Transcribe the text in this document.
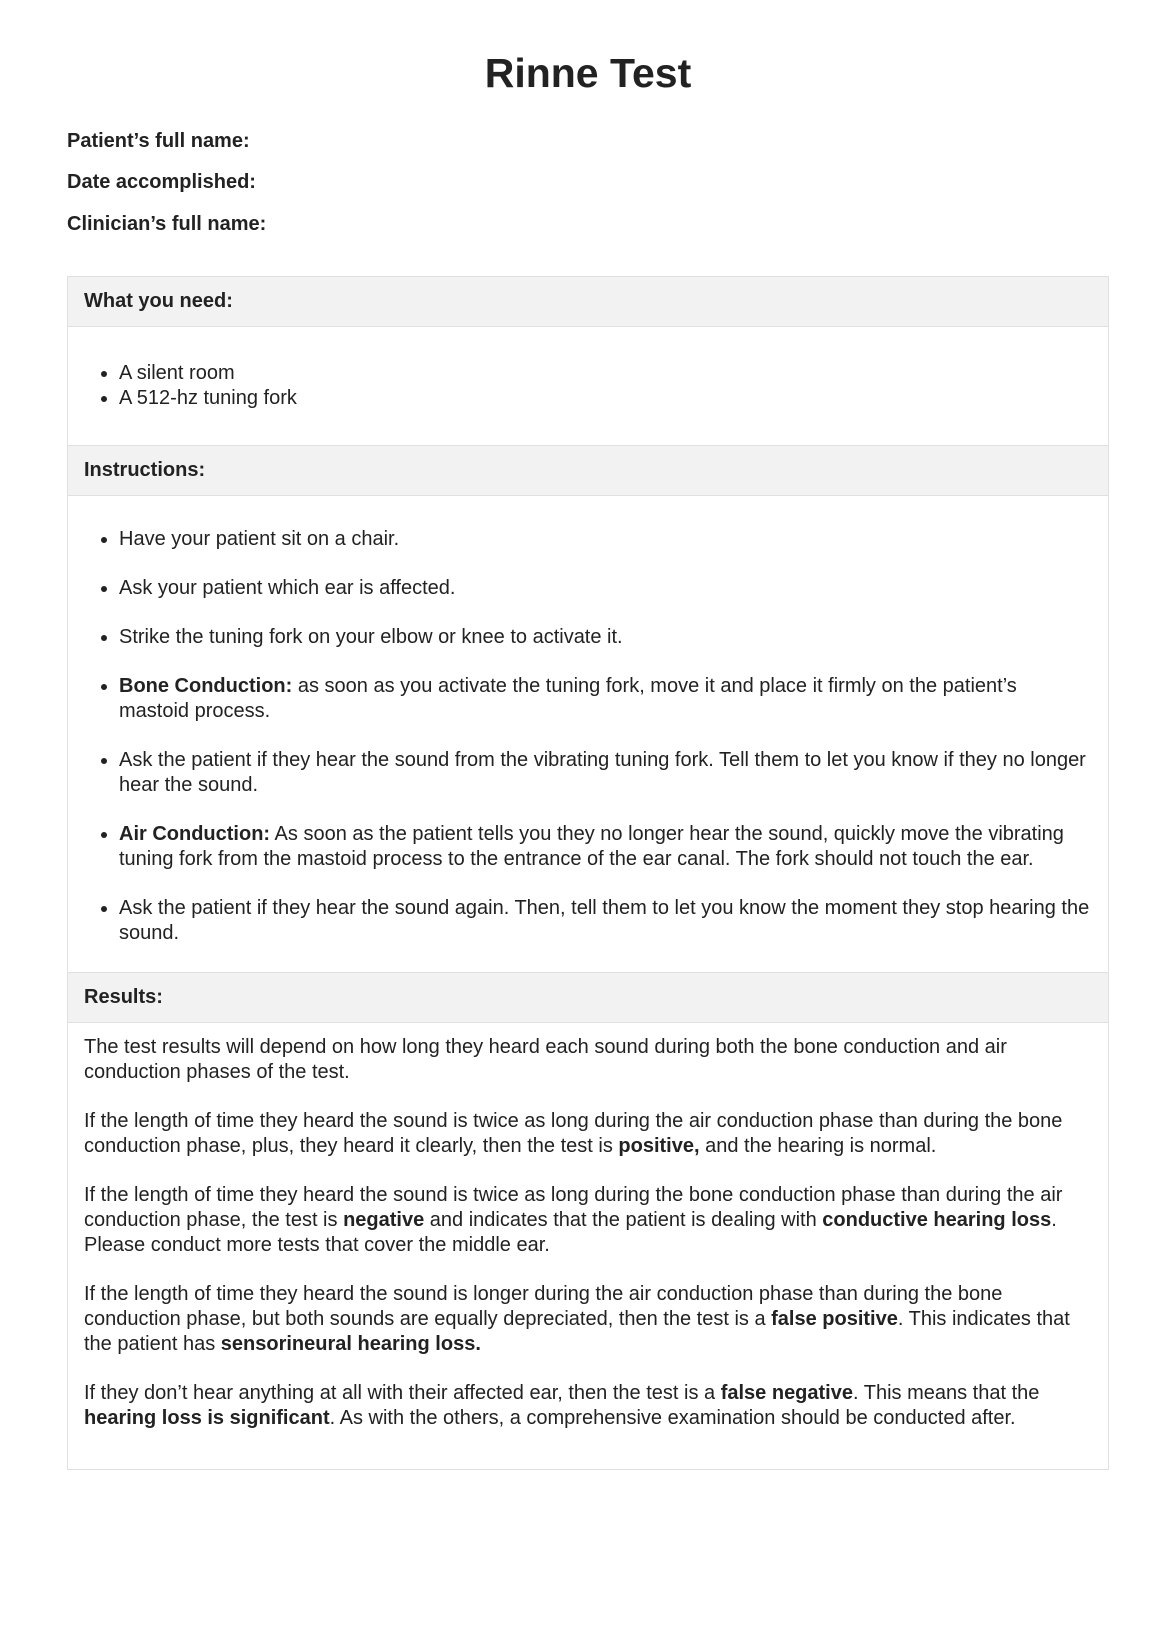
Rinne Test
Patient’s full name:
Date accomplished:
Clinician’s full name:
What you need:
• A silent room
• A 512-hz tuning fork
Instructions:
• Have your patient sit on a chair.
• Ask your patient which ear is affected.
• Strike the tuning fork on your elbow or knee to activate it.
• Bone Conduction: as soon as you activate the tuning fork, move it and place it firmly on the patient’s mastoid process.
• Ask the patient if they hear the sound from the vibrating tuning fork. Tell them to let you know if they no longer hear the sound.
• Air Conduction: As soon as the patient tells you they no longer hear the sound, quickly move the vibrating tuning fork from the mastoid process to the entrance of the ear canal. The fork should not touch the ear.
• Ask the patient if they hear the sound again. Then, tell them to let you know the moment they stop hearing the sound.
Results:

The test results will depend on how long they heard each sound during both the bone conduction and air conduction phases of the test.

If the length of time they heard the sound is twice as long during the air conduction phase than during the bone conduction phase, plus, they heard it clearly, then the test is positive, and the hearing is normal.

If the length of time they heard the sound is twice as long during the bone conduction phase than during the air conduction phase, the test is negative and indicates that the patient is dealing with conductive hearing loss. Please conduct more tests that cover the middle ear.

If the length of time they heard the sound is longer during the air conduction phase than during the bone conduction phase, but both sounds are equally depreciated, then the test is a false positive. This indicates that the patient has sensorineural hearing loss.

If they don’t hear anything at all with their affected ear, then the test is a false negative. This means that the hearing loss is significant. As with the others, a comprehensive examination should be conducted after.
